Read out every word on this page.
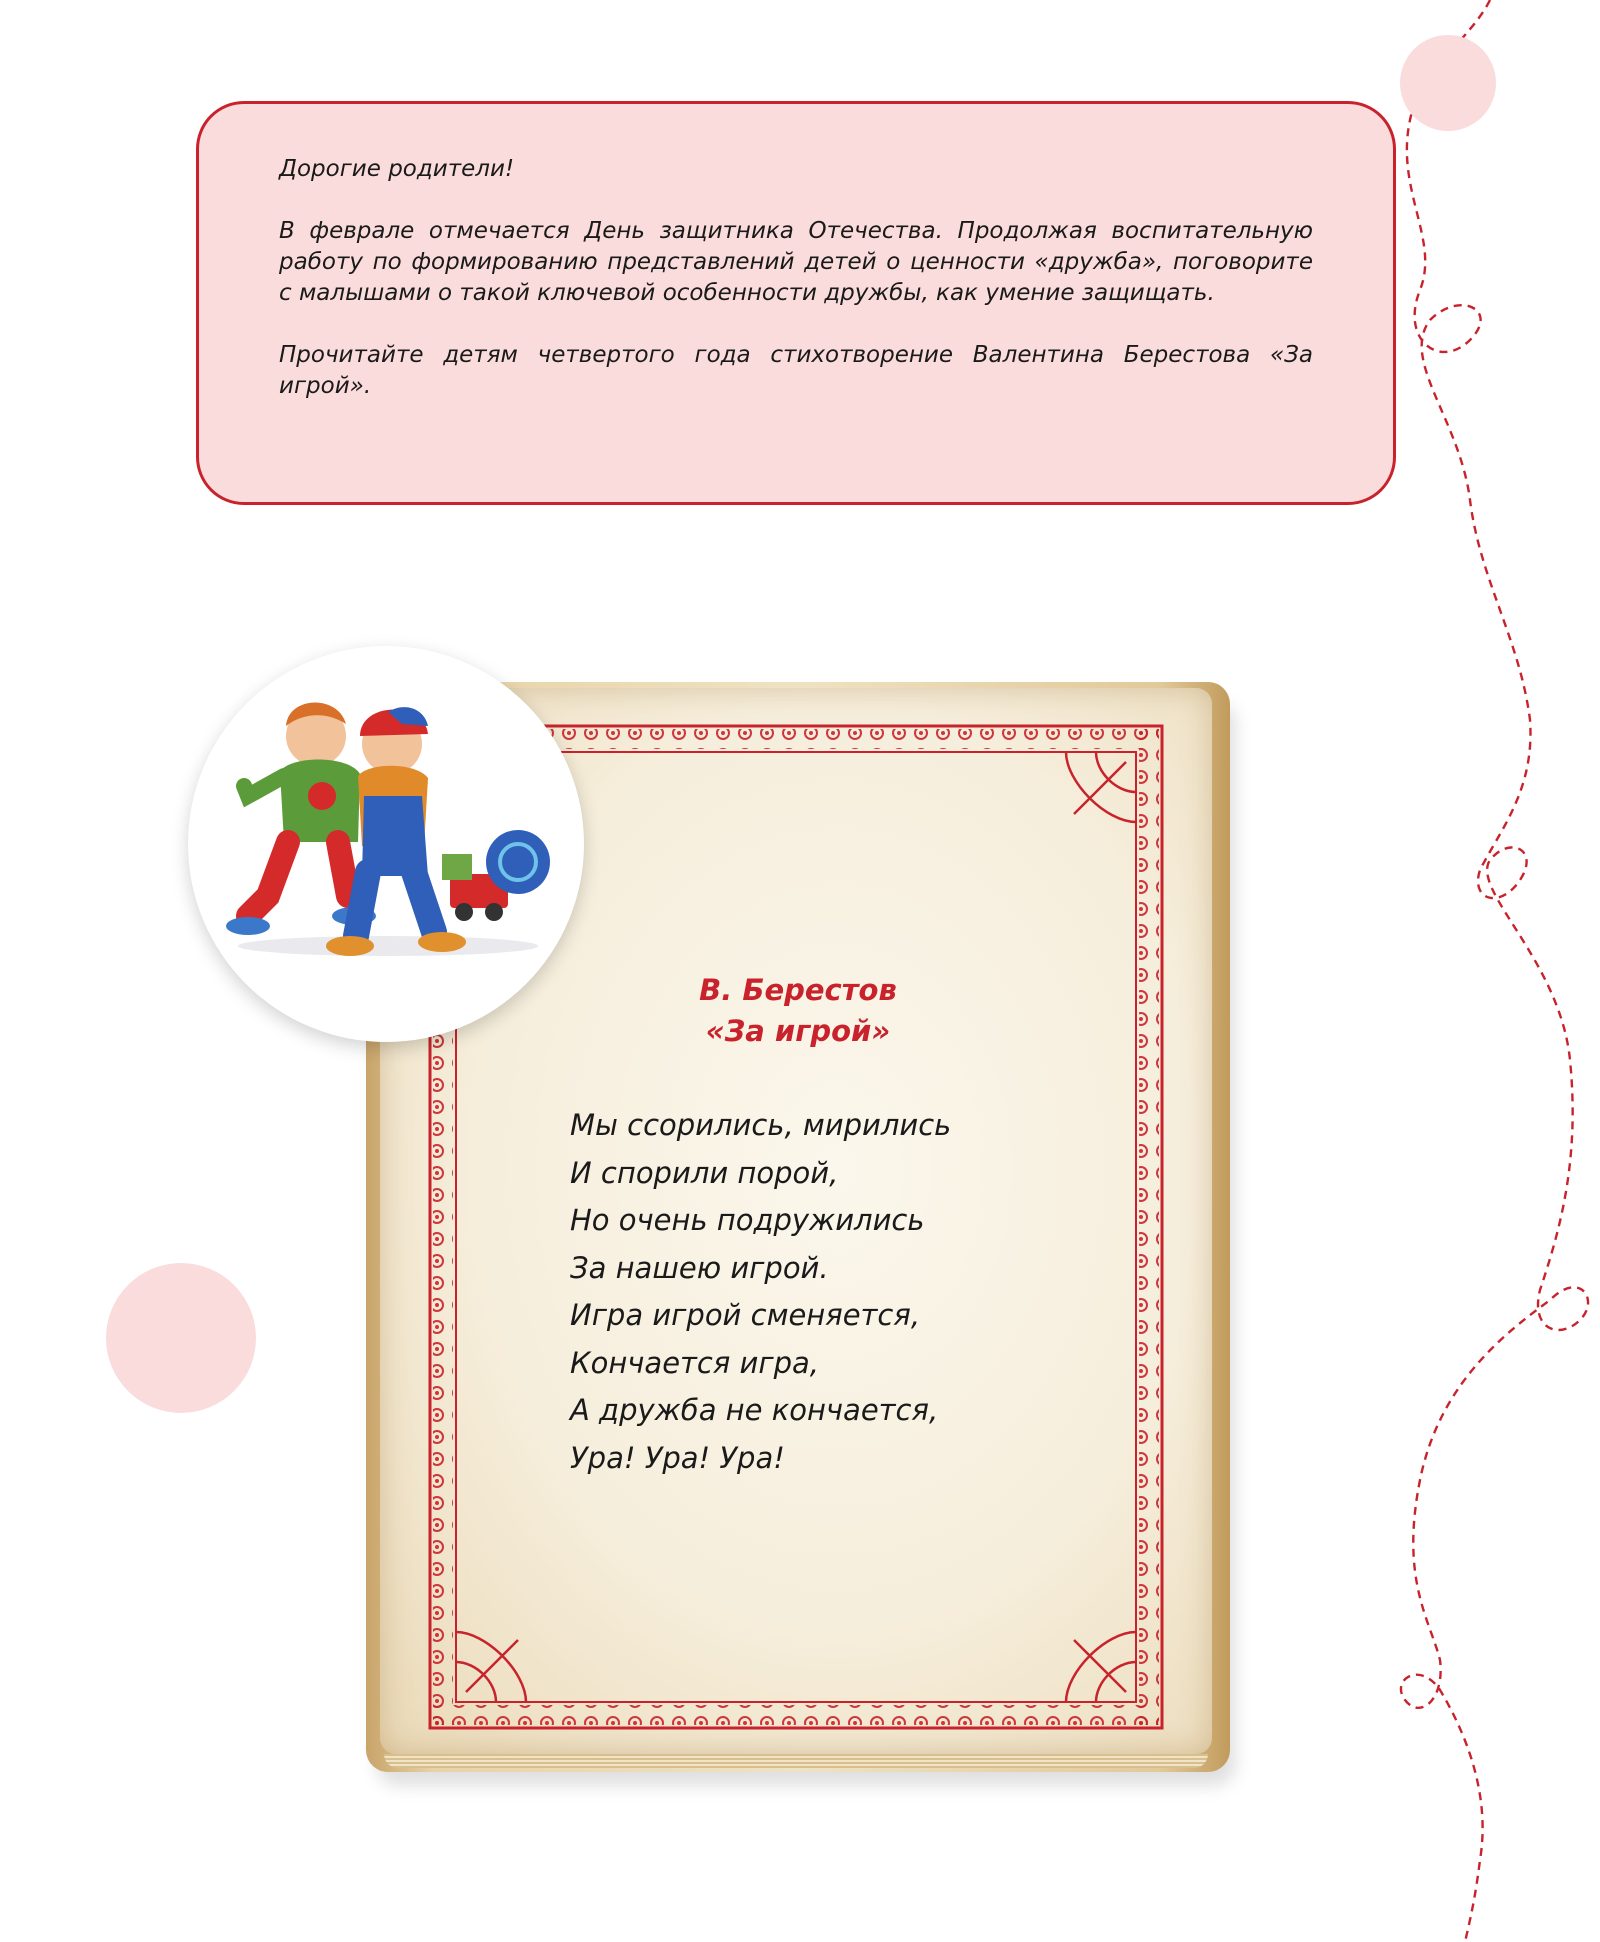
Дорогие родители!

В феврале отмечается День защитника Отечества. Продолжая воспитательную работу по формированию представлений детей о ценности «дружба», поговорите с малышами о такой ключевой особенности дружбы, как умение защищать.

Прочитайте детям четвертого года стихотворение Валентина Берестова «За игрой».

В. Берестов
«За игрой»
Мы ссорились, мирились
И спорили порой,
Но очень подружились
За нашею игрой.
Игра игрой сменяется,
Кончается игра,
А дружба не кончается,
Ура! Ура! Ура!
